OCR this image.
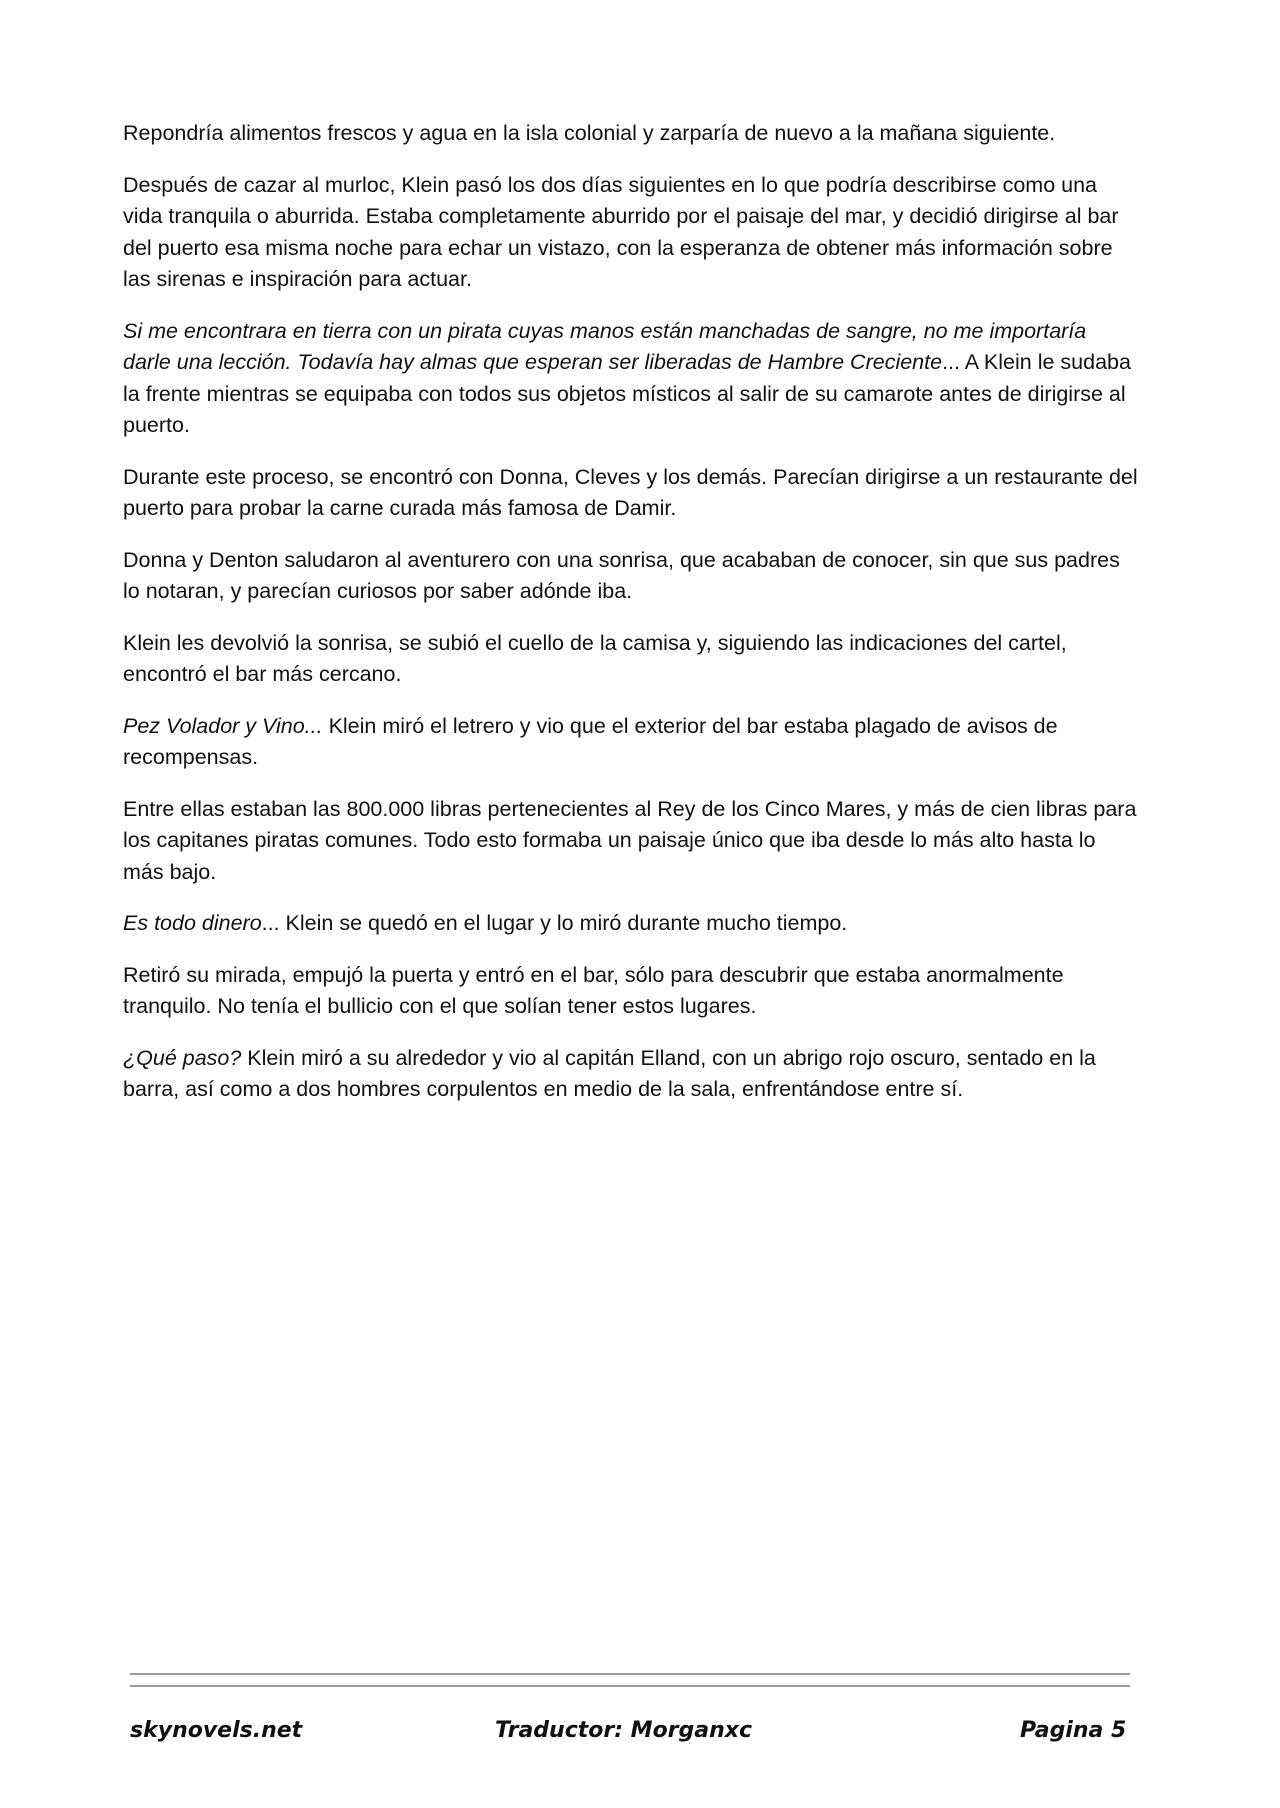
Repondría alimentos frescos y agua en la isla colonial y zarparía de nuevo a la mañana siguiente.

Después de cazar al murloc, Klein pasó los dos días siguientes en lo que podría describirse como una vida tranquila o aburrida. Estaba completamente aburrido por el paisaje del mar, y decidió dirigirse al bar del puerto esa misma noche para echar un vistazo, con la esperanza de obtener más información sobre las sirenas e inspiración para actuar.

Si me encontrara en tierra con un pirata cuyas manos están manchadas de sangre, no me importaría darle una lección. Todavía hay almas que esperan ser liberadas de Hambre Creciente... A Klein le sudaba la frente mientras se equipaba con todos sus objetos místicos al salir de su camarote antes de dirigirse al puerto.

Durante este proceso, se encontró con Donna, Cleves y los demás. Parecían dirigirse a un restaurante del puerto para probar la carne curada más famosa de Damir.

Donna y Denton saludaron al aventurero con una sonrisa, que acababan de conocer, sin que sus padres lo notaran, y parecían curiosos por saber adónde iba.

Klein les devolvió la sonrisa, se subió el cuello de la camisa y, siguiendo las indicaciones del cartel, encontró el bar más cercano.

Pez Volador y Vino... Klein miró el letrero y vio que el exterior del bar estaba plagado de avisos de recompensas.

Entre ellas estaban las 800.000 libras pertenecientes al Rey de los Cinco Mares, y más de cien libras para los capitanes piratas comunes. Todo esto formaba un paisaje único que iba desde lo más alto hasta lo más bajo.

Es todo dinero... Klein se quedó en el lugar y lo miró durante mucho tiempo.

Retiró su mirada, empujó la puerta y entró en el bar, sólo para descubrir que estaba anormalmente tranquilo. No tenía el bullicio con el que solían tener estos lugares.

¿Qué paso? Klein miró a su alrededor y vio al capitán Elland, con un abrigo rojo oscuro, sentado en la barra, así como a dos hombres corpulentos en medio de la sala, enfrentándose entre sí.

skynovels.net	Traductor: Morganxc	Pagina 5
